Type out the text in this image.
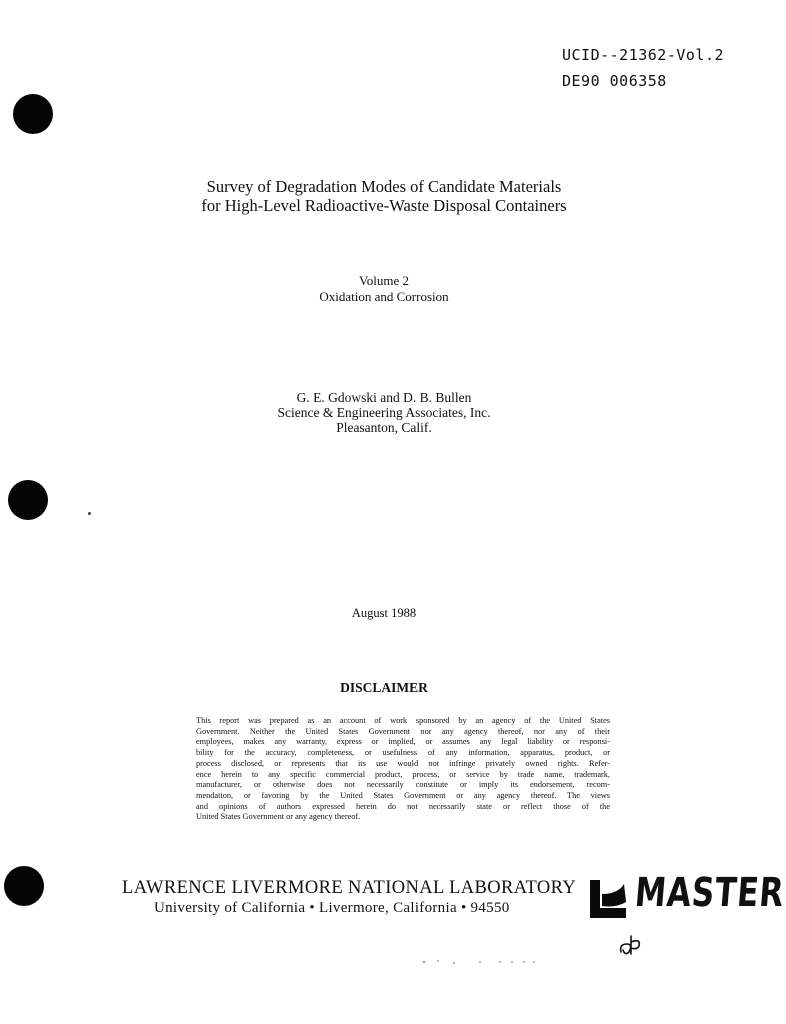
UCID--21362-Vol.2
DE90 006358
Survey of Degradation Modes of Candidate Materials
for High-Level Radioactive-Waste Disposal Containers
Volume 2
Oxidation and Corrosion
G. E. Gdowski and D. B. Bullen
Science & Engineering Associates, Inc.
Pleasanton, Calif.
August 1988
DISCLAIMER
This report was prepared as an account of work sponsored by an agency of the United States
Government. Neither the United States Government nor any agency thereof, nor any of their
employees, makes any warranty, express or implied, or assumes any legal liability or responsi-
bility for the accuracy, completeness, or usefulness of any information, apparatus, product, or
process disclosed, or represents that its use would not infringe privately owned rights. Refer-
ence herein to any specific commercial product, process, or service by trade name, trademark,
manufacturer, or otherwise does not necessarily constitute or imply its endorsement, recom-
mendation, or favoring by the United States Government or any agency thereof. The views
and opinions of authors expressed herein do not necessarily state or reflect those of the
United States Government or any agency thereof.
LAWRENCE LIVERMORE NATIONAL LABORATORY
University of California • Livermore, California • 94550	MASTER
